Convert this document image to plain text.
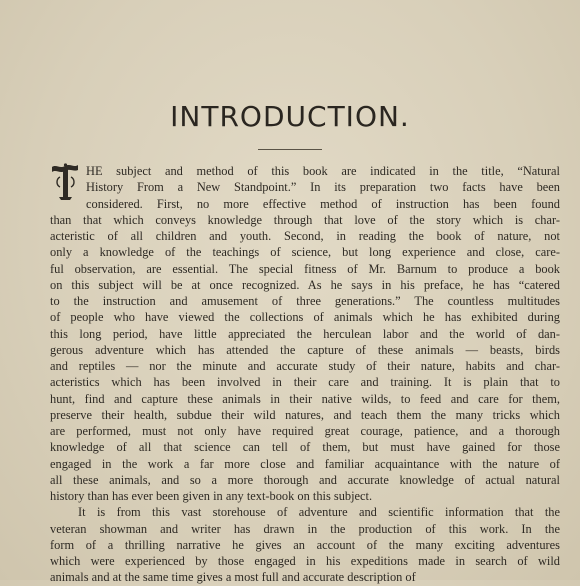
INTRODUCTION.
HE subject and method of this book are indicated in the title, “Natural
History From a New Standpoint.” In its preparation two facts have been
considered. First, no more effective method of instruction has been found
than that which conveys knowledge through that love of the story which is char-
acteristic of all children and youth. Second, in reading the book of nature, not
only a knowledge of the teachings of science, but long experience and close, care-
ful observation, are essential. The special fitness of Mr. Barnum to produce a book
on this subject will be at once recognized. As he says in his preface, he has “catered
to the instruction and amusement of three generations.” The countless multitudes
of people who have viewed the collections of animals which he has exhibited during
this long period, have little appreciated the herculean labor and the world of dan-
gerous adventure which has attended the capture of these animals — beasts, birds
and reptiles — nor the minute and accurate study of their nature, habits and char-
acteristics which has been involved in their care and training. It is plain that to
hunt, find and capture these animals in their native wilds, to feed and care for them,
preserve their health, subdue their wild natures, and teach them the many tricks which
are performed, must not only have required great courage, patience, and a thorough
knowledge of all that science can tell of them, but must have gained for those
engaged in the work a far more close and familiar acquaintance with the nature of
all these animals, and so a more thorough and accurate knowledge of actual natural
history than has ever been given in any text-book on this subject.
It is from this vast storehouse of adventure and scientific information that the
veteran showman and writer has drawn in the production of this work. In the
form of a thrilling narrative he gives an account of the many exciting adventures
which were experienced by those engaged in his expeditions made in search of wild
animals and at the same time gives a most full and accurate description of
